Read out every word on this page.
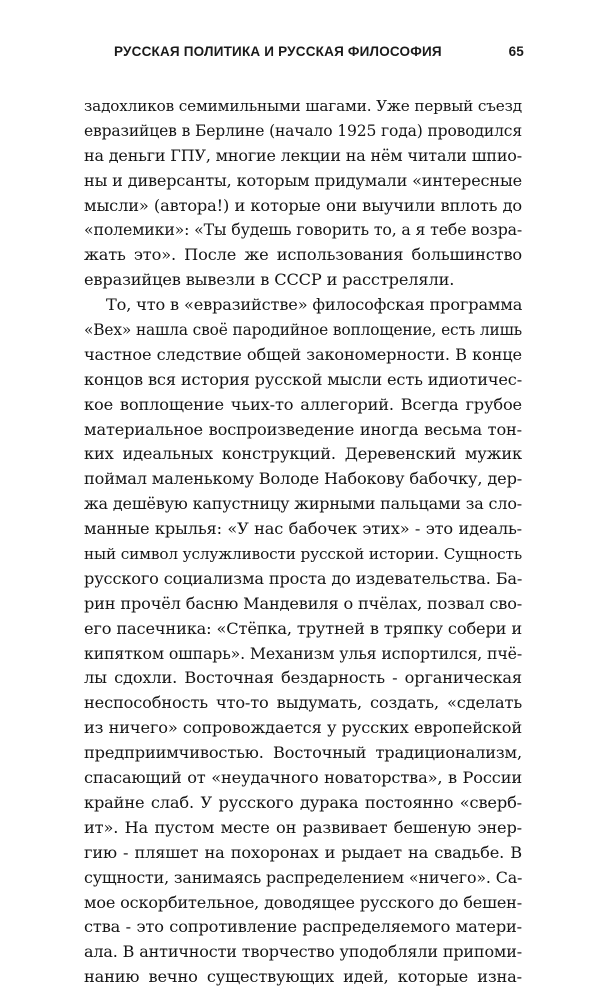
РУССКАЯ ПОЛИТИКА И РУССКАЯ ФИЛОСОФИЯ	65
задохликов семимильными шагами. Уже первый съезд
евразийцев в Берлине (начало 1925 года) проводился
на деньги ГПУ, многие лекции на нём читали шпио-
ны и диверсанты, которым придумали «интересные
мысли» (автора!) и которые они выучили вплоть до
«полемики»: «Ты будешь говорить то, а я тебе возра-
жать это». После же использования большинство
евразийцев вывезли в СССР и расстреляли.
То, что в «евразийстве» философская программа
«Вех» нашла своё пародийное воплощение, есть лишь
частное следствие общей закономерности. В конце
концов вся история русской мысли есть идиотичес-
кое воплощение чьих-то аллегорий. Всегда грубое
материальное воспроизведение иногда весьма тон-
ких идеальных конструкций. Деревенский мужик
поймал маленькому Володе Набокову бабочку, дер-
жа дешёвую капустницу жирными пальцами за сло-
манные крылья: «У нас бабочек этих» - это идеаль-
ный символ услужливости русской истории. Сущность
русского социализма проста до издевательства. Ба-
рин прочёл басню Мандевиля о пчёлах, позвал сво-
его пасечника: «Стёпка, трутней в тряпку собери и
кипятком ошпарь». Механизм улья испортился, пчё-
лы сдохли. Восточная бездарность - органическая
неспособность что-то выдумать, создать, «сделать
из ничего» сопровождается у русских европейской
предприимчивостью. Восточный традиционализм,
спасающий от «неудачного новаторства», в России
крайне слаб. У русского дурака постоянно «сверб-
ит». На пустом месте он развивает бешеную энер-
гию - пляшет на похоронах и рыдает на свадьбе. В
сущности, занимаясь распределением «ничего». Са-
мое оскорбительное, доводящее русского до бешен-
ства - это сопротивление распределяемого матери-
ала. В античности творчество уподобляли припоми-
нанию вечно существующих идей, которые изна-
